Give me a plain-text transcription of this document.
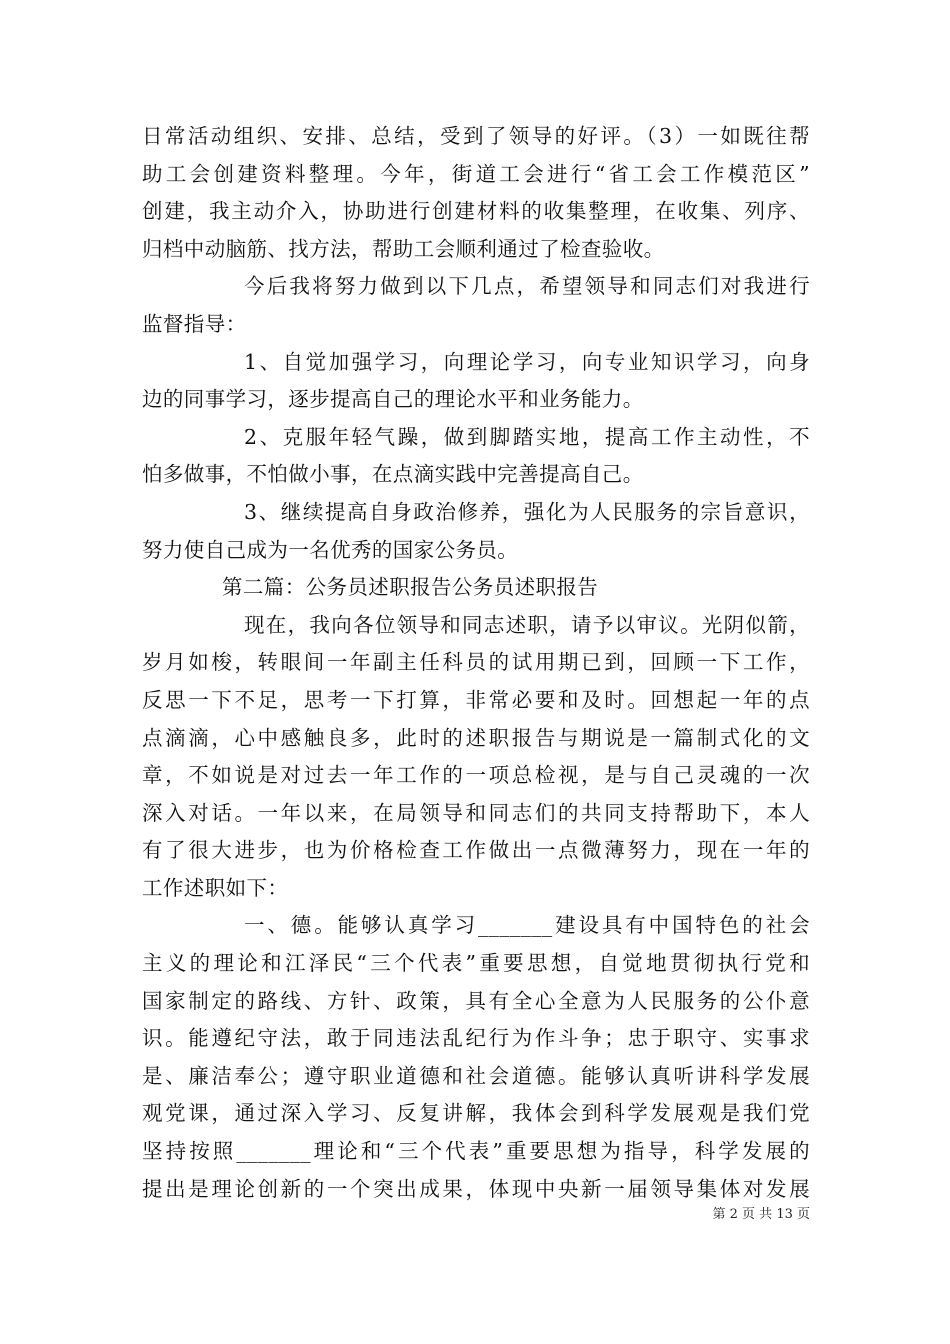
日常活动组织、安排、总结，受到了领导的好评。（3）一如既往帮
助工会创建资料整理。今年，街道工会进行“省工会工作模范区”
创建，我主动介入，协助进行创建材料的收集整理，在收集、列序、
归档中动脑筋、找方法，帮助工会顺利通过了检查验收。
今后我将努力做到以下几点，希望领导和同志们对我进行
监督指导：
1、自觉加强学习，向理论学习，向专业知识学习，向身
边的同事学习，逐步提高自己的理论水平和业务能力。
2、克服年轻气躁，做到脚踏实地，提高工作主动性，不
怕多做事，不怕做小事，在点滴实践中完善提高自己。
3、继续提高自身政治修养，强化为人民服务的宗旨意识，
努力使自己成为一名优秀的国家公务员。
第二篇：公务员述职报告公务员述职报告
现在，我向各位领导和同志述职，请予以审议。光阴似箭，
岁月如梭，转眼间一年副主任科员的试用期已到，回顾一下工作，
反思一下不足，思考一下打算，非常必要和及时。回想起一年的点
点滴滴，心中感触良多，此时的述职报告与期说是一篇制式化的文
章，不如说是对过去一年工作的一项总检视，是与自己灵魂的一次
深入对话。一年以来，在局领导和同志们的共同支持帮助下，本人
有了很大进步，也为价格检查工作做出一点微薄努力，现在一年的
工作述职如下：
一、德。能够认真学习_______建设具有中国特色的社会
主义的理论和江泽民“三个代表”重要思想，自觉地贯彻执行党和
国家制定的路线、方针、政策，具有全心全意为人民服务的公仆意
识。能遵纪守法，敢于同违法乱纪行为作斗争；忠于职守、实事求
是、廉洁奉公；遵守职业道德和社会道德。能够认真听讲科学发展
观党课，通过深入学习、反复讲解，我体会到科学发展观是我们党
坚持按照_______理论和“三个代表”重要思想为指导，科学发展的
提出是理论创新的一个突出成果，体现中央新一届领导集体对发展
第 2 页 共 13 页
